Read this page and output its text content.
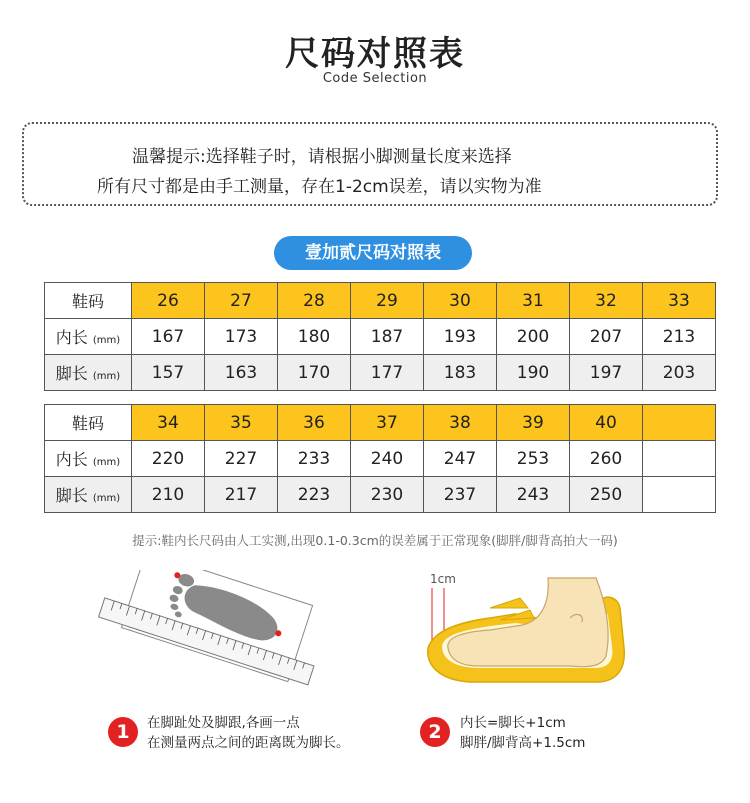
尺码对照表
Code Selection
温馨提示:选择鞋子时，请根据小脚测量长度来选择
所有尺寸都是由手工测量，存在1-2cm误差，请以实物为准
壹加贰尺码对照表
鞋码	26	27	28	29	30	31	32	33
内长 (mm)	167	173	180	187	193	200	207	213
脚长 (mm)	157	163	170	177	183	190	197	203
鞋码	34	35	36	37	38	39	40	
内长 (mm)	220	227	233	240	247	253	260	
脚长 (mm)	210	217	223	230	237	243	250	
提示:鞋内长尺码由人工实测,出现0.1-0.3cm的误差属于正常现象(脚胖/脚背高拍大一码)
1cm
1	在脚趾处及脚跟,各画一点
在测量两点之间的距离既为脚长。	2	内长=脚长+1cm
脚胖/脚背高+1.5cm
